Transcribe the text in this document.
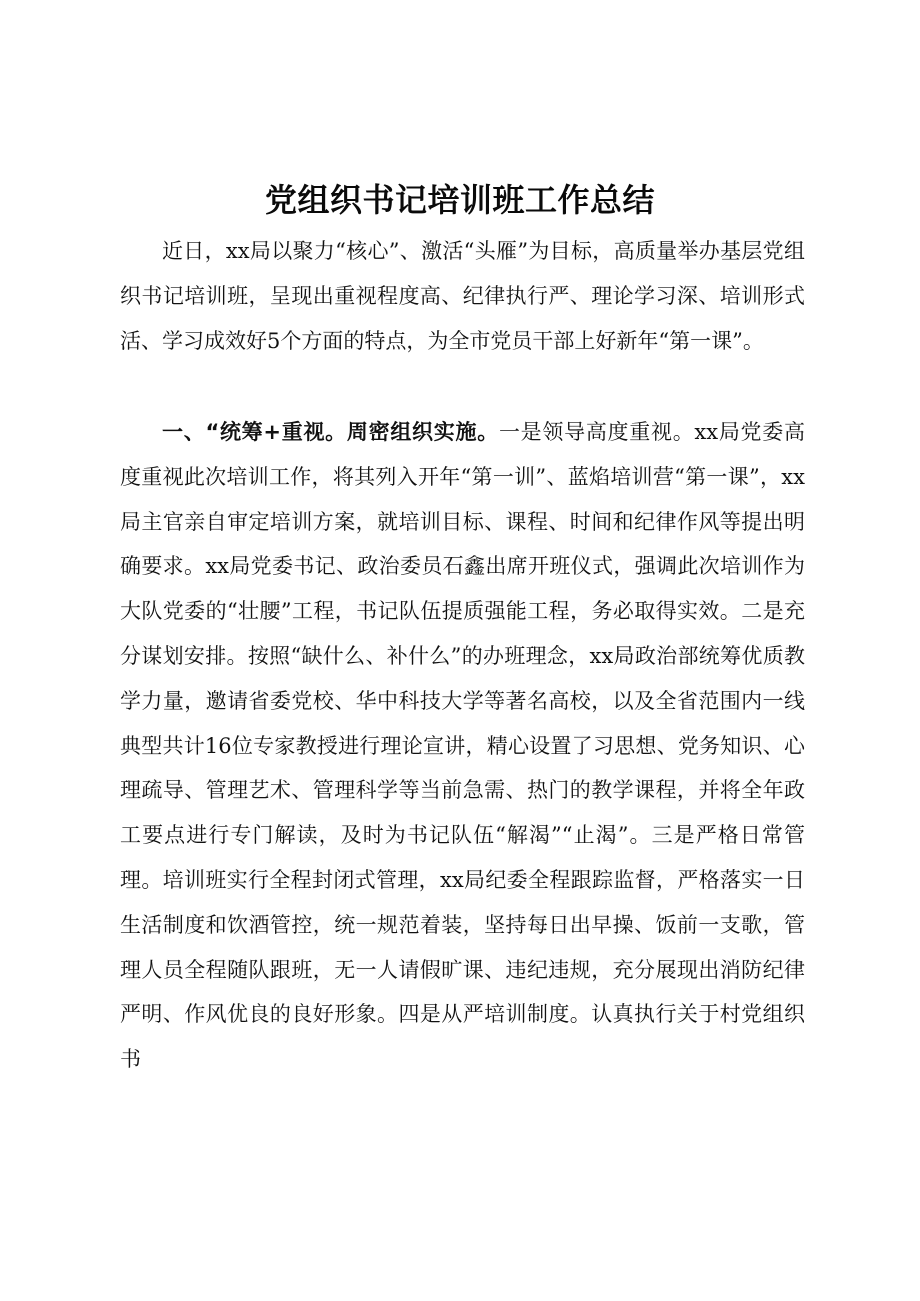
党组织书记培训班工作总结

近日，xx局以聚力“核心”、激活“头雁”为目标，高质量举办基层党组织书记培训班，呈现出重视程度高、纪律执行严、理论学习深、培训形式活、学习成效好5个方面的特点，为全市党员干部上好新年“第一课”。

一、“统筹+重视。周密组织实施。一是领导高度重视。xx局党委高度重视此次培训工作，将其列入开年“第一训”、蓝焰培训营“第一课”，xx局主官亲自审定培训方案，就培训目标、课程、时间和纪律作风等提出明确要求。xx局党委书记、政治委员石鑫出席开班仪式，强调此次培训作为大队党委的“壮腰”工程，书记队伍提质强能工程，务必取得实效。二是充分谋划安排。按照“缺什么、补什么”的办班理念，xx局政治部统筹优质教学力量，邀请省委党校、华中科技大学等著名高校，以及全省范围内一线典型共计16位专家教授进行理论宣讲，精心设置了习思想、党务知识、心理疏导、管理艺术、管理科学等当前急需、热门的教学课程，并将全年政工要点进行专门解读，及时为书记队伍“解渴”“止渴”。三是严格日常管理。培训班实行全程封闭式管理，xx局纪委全程跟踪监督，严格落实一日生活制度和饮酒管控，统一规范着装，坚持每日出早操、饭前一支歌，管理人员全程随队跟班，无一人请假旷课、违纪违规，充分展现出消防纪律严明、作风优良的良好形象。四是从严培训制度。认真执行关于村党组织书
